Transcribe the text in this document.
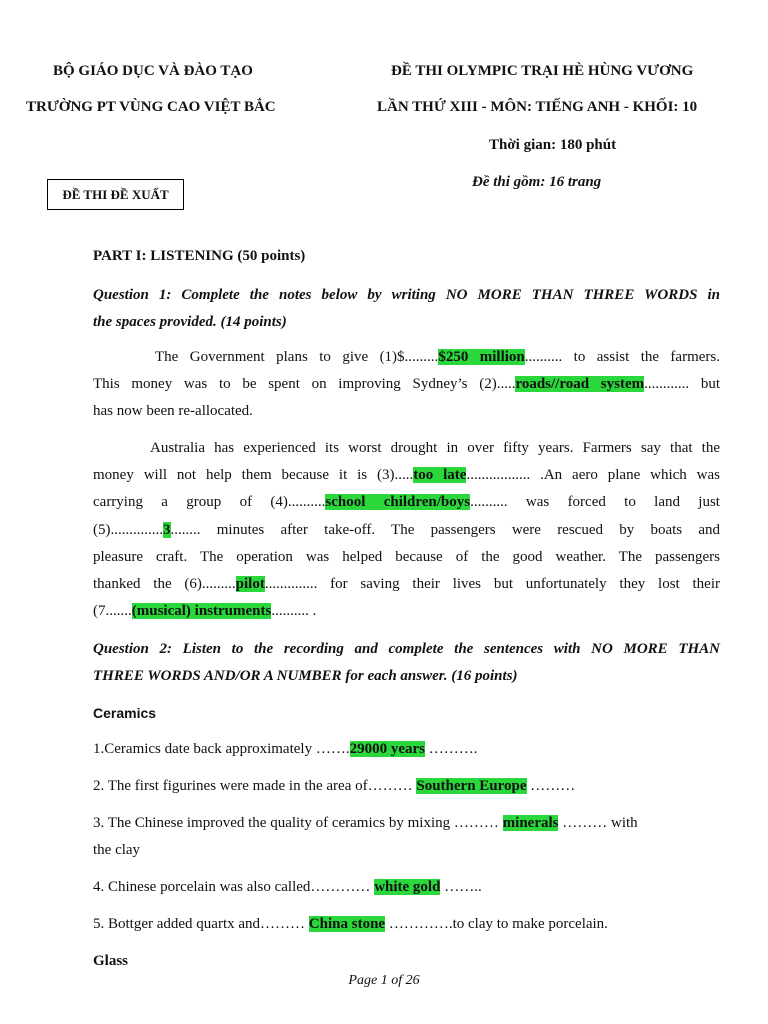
BỘ GIÁO DỤC VÀ ĐÀO TẠO
TRƯỜNG PT VÙNG CAO VIỆT BẮC
ĐỀ THI OLYMPIC TRẠI HÈ HÙNG VƯƠNG
LẦN THỨ XIII - MÔN: TIẾNG ANH - KHỐI: 10
Thời gian: 180 phút
Đề thi gồm: 16 trang
ĐỀ THI ĐỀ XUẤT
PART I: LISTENING (50 points)
Question 1: Complete the notes below by writing NO MORE THAN THREE WORDS in
the spaces provided. (14 points)
The Government plans to give (1)$.........$250 million.......... to assist the farmers.
This money was to be spent on improving Sydney’s (2).....roads//road system............ but
has now been re-allocated.
Australia has experienced its worst drought in over fifty years. Farmers say that the
money will not help them because it is (3).....too late................. .An aero plane which was
carrying a group of (4)..........school children/boys.......... was forced to land just
(5)..............3........ minutes after take-off. The passengers were rescued by boats and
pleasure craft. The operation was helped because of the good weather. The passengers
thanked the (6).........pilot.............. for saving their lives but unfortunately they lost their
(7.......(musical) instruments.......... .
Question 2: Listen to the recording and complete the sentences with NO MORE THAN
THREE WORDS AND/OR A NUMBER for each answer. (16 points)
Ceramics
1.Ceramics date back approximately …….29000 years ……….
2. The first figurines were made in the area of……… Southern Europe ………
3. The Chinese improved the quality of ceramics by mixing ……… minerals ……… with
the clay
4. Chinese porcelain was also called………… white gold ……..
5. Bottger added quartx and……… China stone ………….to clay to make porcelain.
Glass
Page 1 of 26
